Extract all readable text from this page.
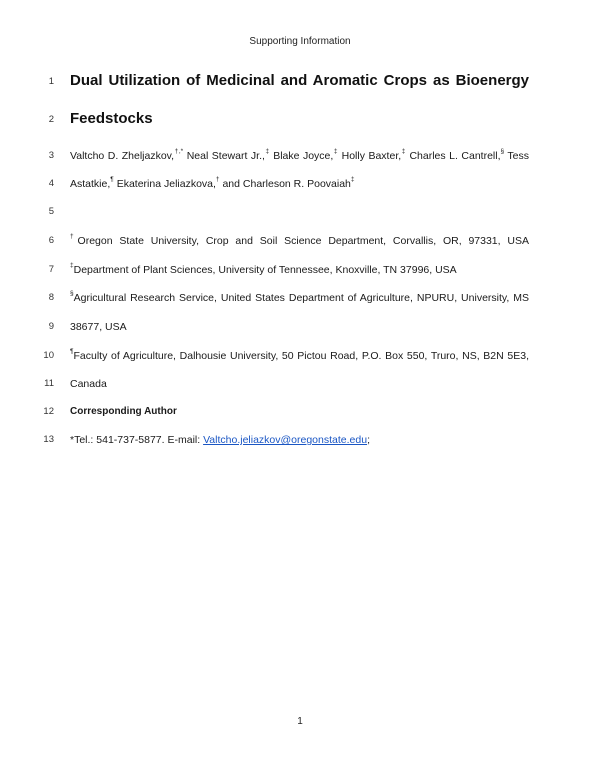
Supporting Information
1 Dual Utilization of Medicinal and Aromatic Crops as Bioenergy
2 Feedstocks
3 Valtcho D. Zheljazkov,†,* Neal Stewart Jr.,‡ Blake Joyce,‡ Holly Baxter,‡ Charles L. Cantrell,§ Tess
4 Astatkie,¶ Ekaterina Jeliazkova,† and Charleson R. Poovaiah‡
5
6 †Oregon State University, Crop and Soil Science Department, Corvallis, OR, 97331, USA
7 ‡Department of Plant Sciences, University of Tennessee, Knoxville, TN 37996, USA
8 §Agricultural Research Service, United States Department of Agriculture, NPURU, University, MS
9 38677, USA
10 ¶Faculty of Agriculture, Dalhousie University, 50 Pictou Road, P.O. Box 550, Truro, NS, B2N 5E3,
11 Canada
12 Corresponding Author
13 *Tel.: 541-737-5877. E-mail: Valtcho.jeliazkov@oregonstate.edu;
1
